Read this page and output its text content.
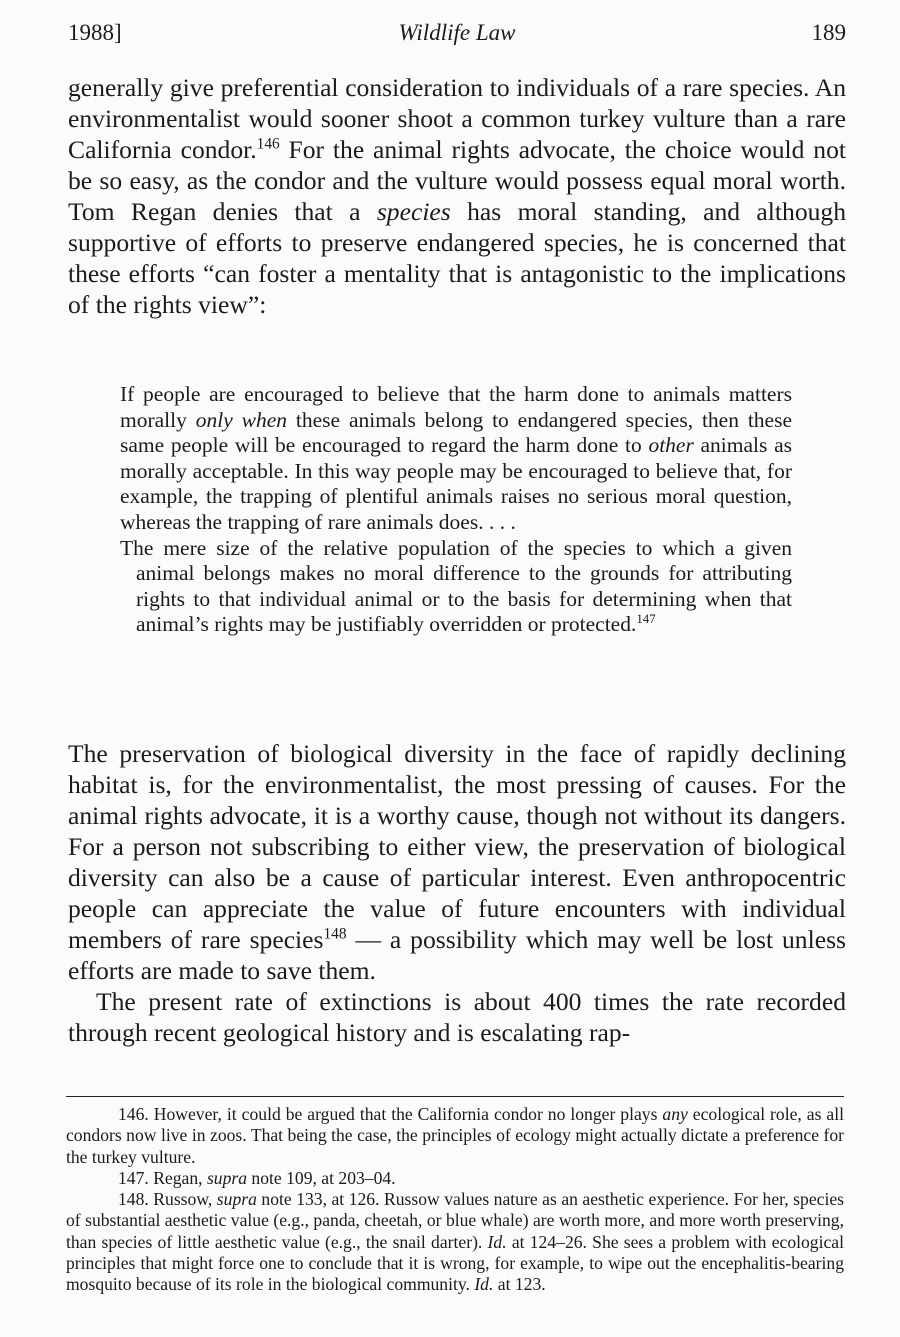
1988]	Wildlife Law	189

generally give preferential consideration to individuals of a rare species. An environmentalist would sooner shoot a common turkey vulture than a rare California condor.$^{146}$ For the animal rights advocate, the choice would not be so easy, as the condor and the vulture would possess equal moral worth. Tom Regan denies that a species has moral standing, and although supportive of efforts to preserve endangered species, he is concerned that these efforts “can foster a mentality that is antagonistic to the implications of the rights view”:

If people are encouraged to believe that the harm done to animals matters morally only when these animals belong to endangered species, then these same people will be encouraged to regard the harm done to other animals as morally acceptable. In this way people may be encouraged to believe that, for example, the trapping of plentiful animals raises no serious moral question, whereas the trapping of rare animals does. . . .

The mere size of the relative population of the species to which a given animal belongs makes no moral difference to the grounds for attributing rights to that individual animal or to the basis for determining when that animal’s rights may be justifiably overridden or protected.$^{147}$

The preservation of biological diversity in the face of rapidly declining habitat is, for the environmentalist, the most pressing of causes. For the animal rights advocate, it is a worthy cause, though not without its dangers. For a person not subscribing to either view, the preservation of biological diversity can also be a cause of particular interest. Even anthropocentric people can appreciate the value of future encounters with individual members of rare species$^{148}$ — a possibility which may well be lost unless efforts are made to save them.

The present rate of extinctions is about 400 times the rate recorded through recent geological history and is escalating rap-

146. However, it could be argued that the California condor no longer plays any ecological role, as all condors now live in zoos. That being the case, the principles of ecology might actually dictate a preference for the turkey vulture.

147. Regan, supra note 109, at 203–04.

148. Russow, supra note 133, at 126. Russow values nature as an aesthetic experience. For her, species of substantial aesthetic value (e.g., panda, cheetah, or blue whale) are worth more, and more worth preserving, than species of little aesthetic value (e.g., the snail darter). Id. at 124–26. She sees a problem with ecological principles that might force one to conclude that it is wrong, for example, to wipe out the encephalitis-bearing mosquito because of its role in the biological community. Id. at 123.
